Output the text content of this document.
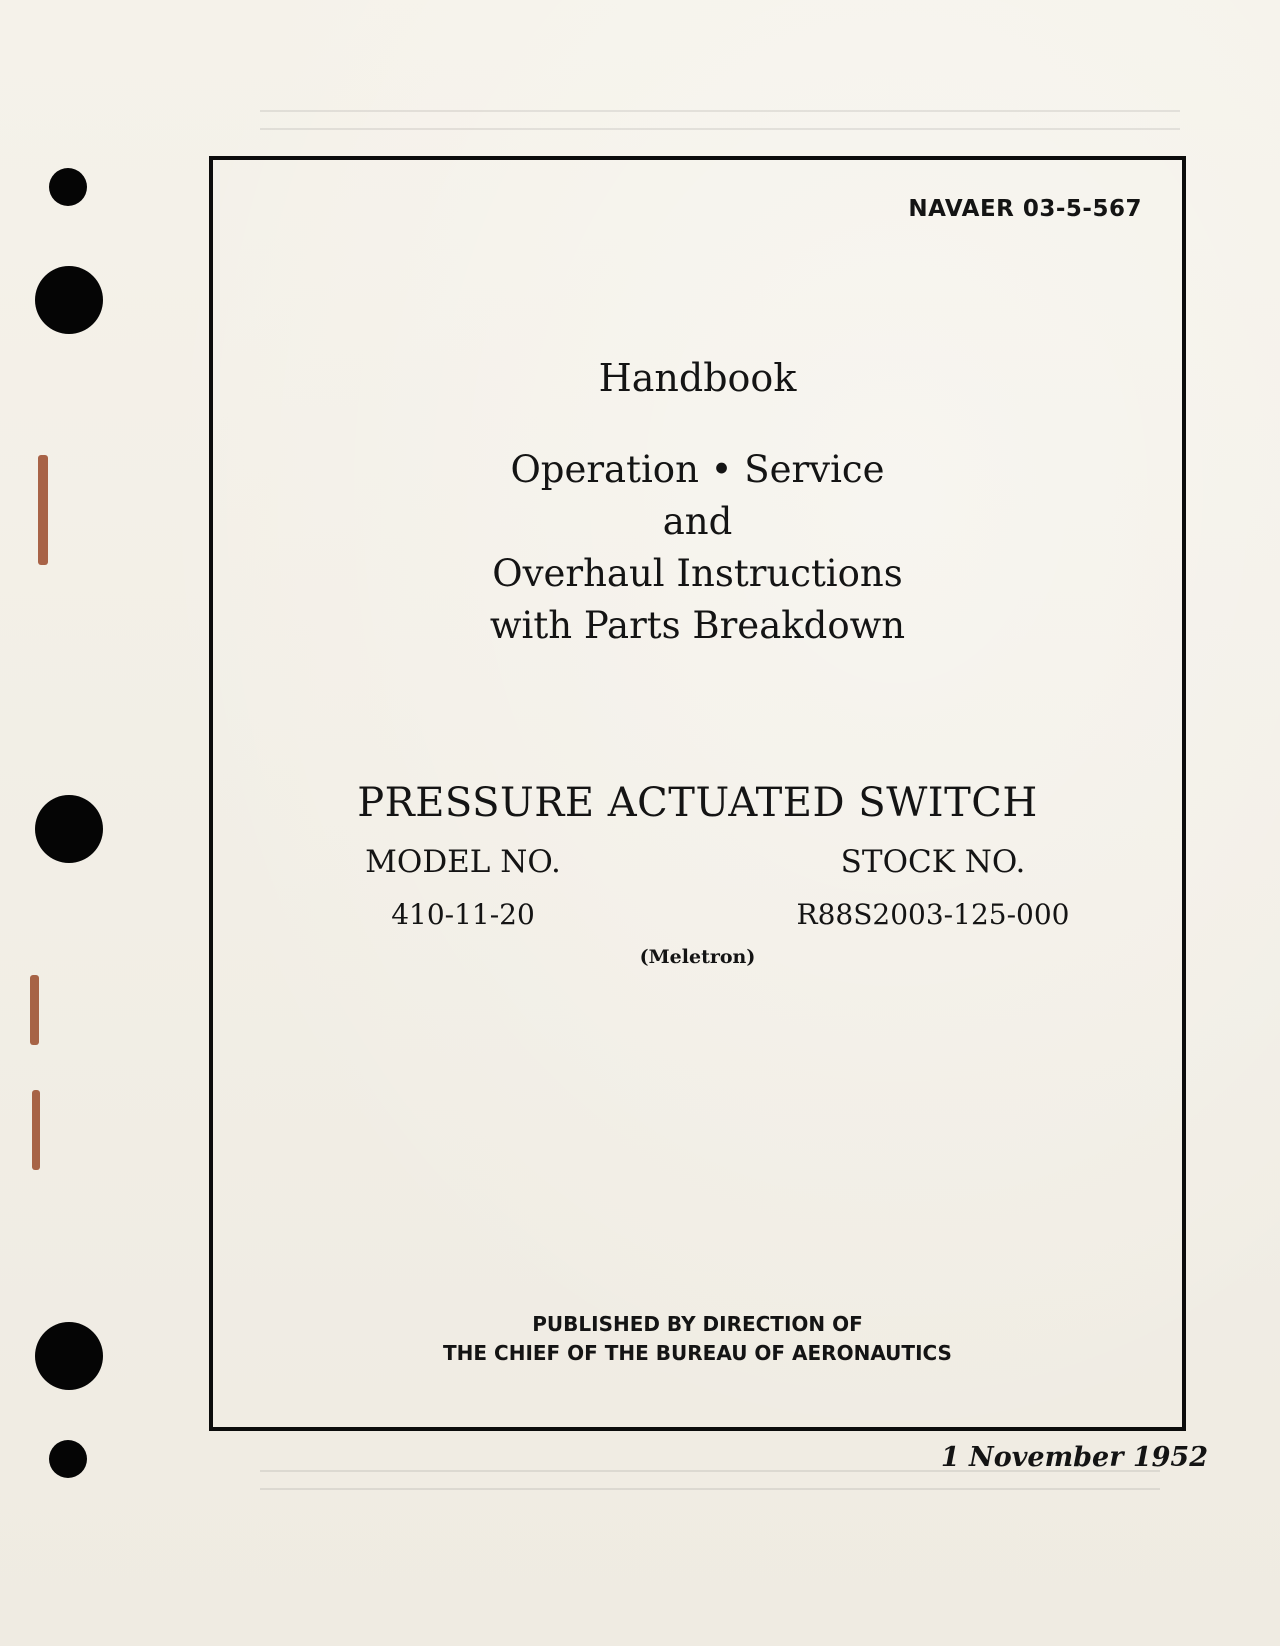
NAVAER 03-5-567
Handbook
Operation • Service
and
Overhaul Instructions
with Parts Breakdown
PRESSURE ACTUATED SWITCH
MODEL NO.
410-11-20
STOCK NO.
R88S2003-125-000
(Meletron)
PUBLISHED BY DIRECTION OF
THE CHIEF OF THE BUREAU OF AERONAUTICS
1 November 1952
